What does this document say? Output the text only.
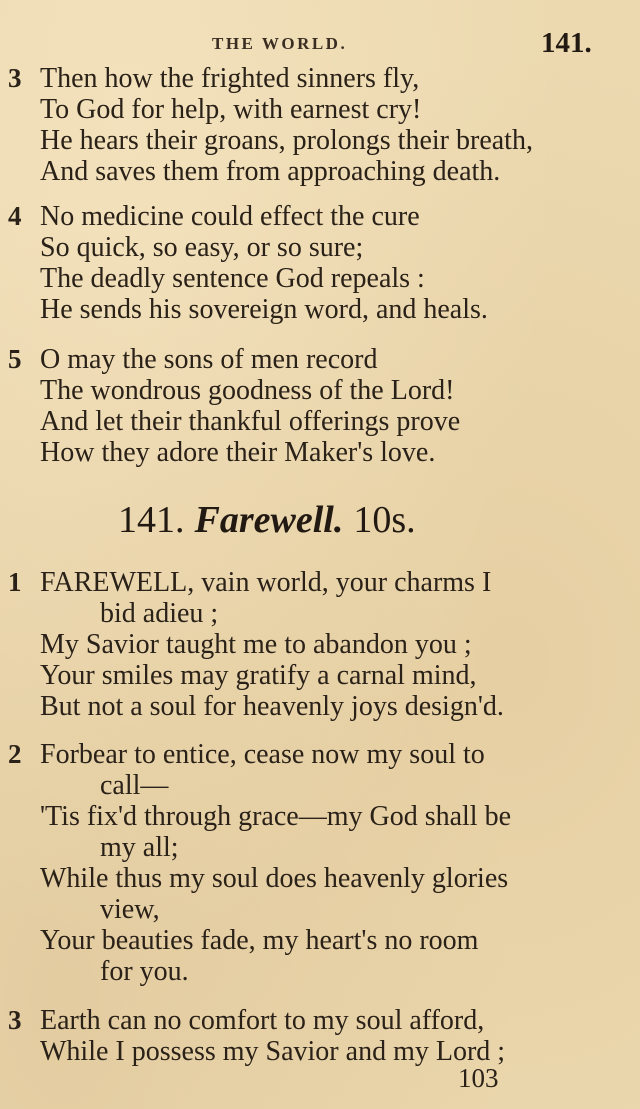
THE WORLD.	141.
3 Then how the frighted sinners fly,
To God for help, with earnest cry!
He hears their groans, prolongs their breath,
And saves them from approaching death.
4 No medicine could effect the cure
So quick, so easy, or so sure;
The deadly sentence God repeals :
He sends his sovereign word, and heals.
5 O may the sons of men record
The wondrous goodness of the Lord!
And let their thankful offerings prove
How they adore their Maker's love.
141. Farewell. 10s.
1 FAREWELL, vain world, your charms I
bid adieu ;
My Savior taught me to abandon you ;
Your smiles may gratify a carnal mind,
But not a soul for heavenly joys design'd.
2 Forbear to entice, cease now my soul to
call—
'Tis fix'd through grace—my God shall be
my all;
While thus my soul does heavenly glories
view,
Your beauties fade, my heart's no room
for you.
3 Earth can no comfort to my soul afford,
While I possess my Savior and my Lord ;
103
